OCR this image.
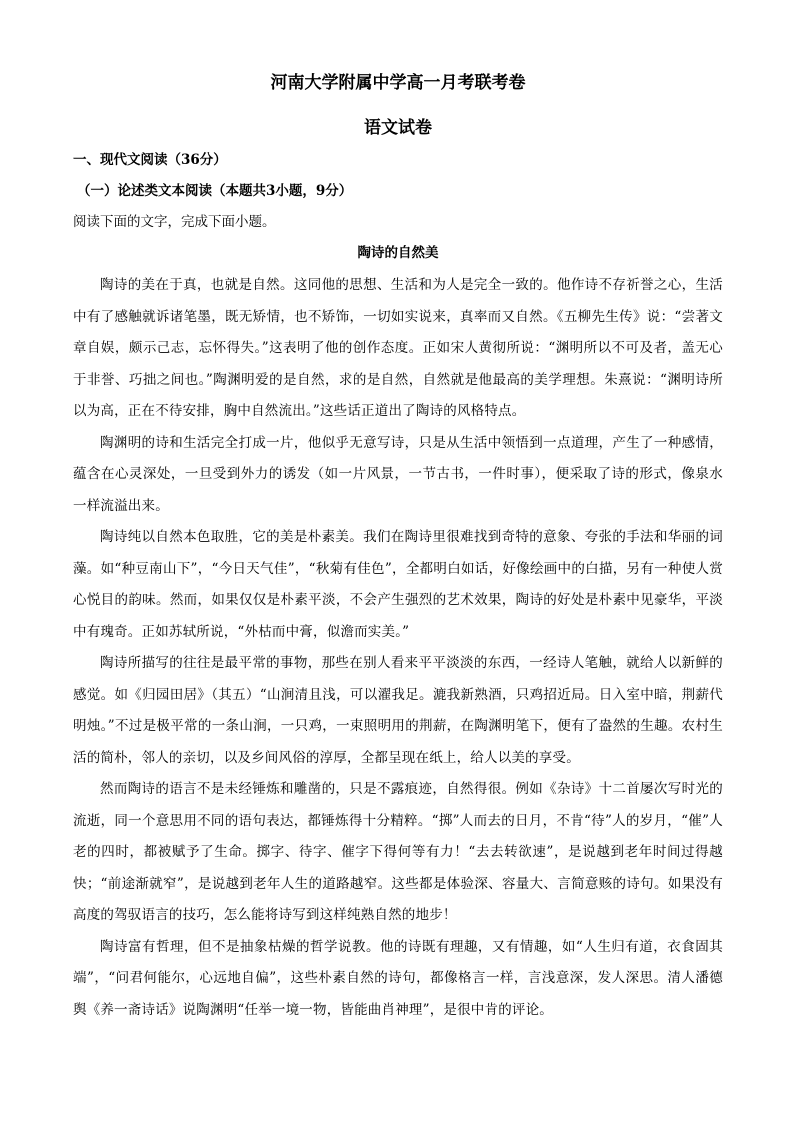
河南大学附属中学高一月考联考卷
语文试卷
一、现代文阅读（36分）
（一）论述类文本阅读（本题共3小题，9分）
阅读下面的文字，完成下面小题。
陶诗的自然美

陶诗的美在于真，也就是自然。这同他的思想、生活和为人是完全一致的。他作诗不存祈誉之心，生活中有了感触就诉诸笔墨，既无矫情，也不矫饰，一切如实说来，真率而又自然。《五柳先生传》说：“尝著文章自娱，颇示己志，忘怀得失。”这表明了他的创作态度。正如宋人黄彻所说：“渊明所以不可及者，盖无心于非誉、巧拙之间也。”陶渊明爱的是自然，求的是自然，自然就是他最高的美学理想。朱熹说：“渊明诗所以为高，正在不待安排，胸中自然流出。”这些话正道出了陶诗的风格特点。

陶渊明的诗和生活完全打成一片，他似乎无意写诗，只是从生活中领悟到一点道理，产生了一种感情，蕴含在心灵深处，一旦受到外力的诱发（如一片风景，一节古书，一件时事），便采取了诗的形式，像泉水一样流溢出来。

陶诗纯以自然本色取胜，它的美是朴素美。我们在陶诗里很难找到奇特的意象、夸张的手法和华丽的词藻。如“种豆南山下”，“今日天气佳”，“秋菊有佳色”，全都明白如话，好像绘画中的白描，另有一种使人赏心悦目的韵味。然而，如果仅仅是朴素平淡，不会产生强烈的艺术效果，陶诗的好处是朴素中见豪华，平淡中有瑰奇。正如苏轼所说，“外枯而中膏，似澹而实美。”

陶诗所描写的往往是最平常的事物，那些在别人看来平平淡淡的东西，一经诗人笔触，就给人以新鲜的感觉。如《归园田居》（其五）“山涧清且浅，可以濯我足。漉我新熟酒，只鸡招近局。日入室中暗，荆薪代明烛。”不过是极平常的一条山涧，一只鸡，一束照明用的荆薪，在陶渊明笔下，便有了盎然的生趣。农村生活的简朴，邻人的亲切，以及乡间风俗的淳厚，全都呈现在纸上，给人以美的享受。

然而陶诗的语言不是未经锤炼和雕凿的，只是不露痕迹，自然得很。例如《杂诗》十二首屡次写时光的流逝，同一个意思用不同的语句表达，都锤炼得十分精粹。“掷”人而去的日月，不肯“待”人的岁月，“催”人老的四时，都被赋予了生命。掷字、待字、催字下得何等有力！“去去转欲速”，是说越到老年时间过得越快；“前途渐就窄”，是说越到老年人生的道路越窄。这些都是体验深、容量大、言简意赅的诗句。如果没有高度的驾驭语言的技巧，怎么能将诗写到这样纯熟自然的地步！

陶诗富有哲理，但不是抽象枯燥的哲学说教。他的诗既有理趣，又有情趣，如“人生归有道，衣食固其端”，“问君何能尔，心远地自偏”，这些朴素自然的诗句，都像格言一样，言浅意深，发人深思。清人潘德舆《养一斋诗话》说陶渊明“任举一境一物，皆能曲肖神理”，是很中肯的评论。
